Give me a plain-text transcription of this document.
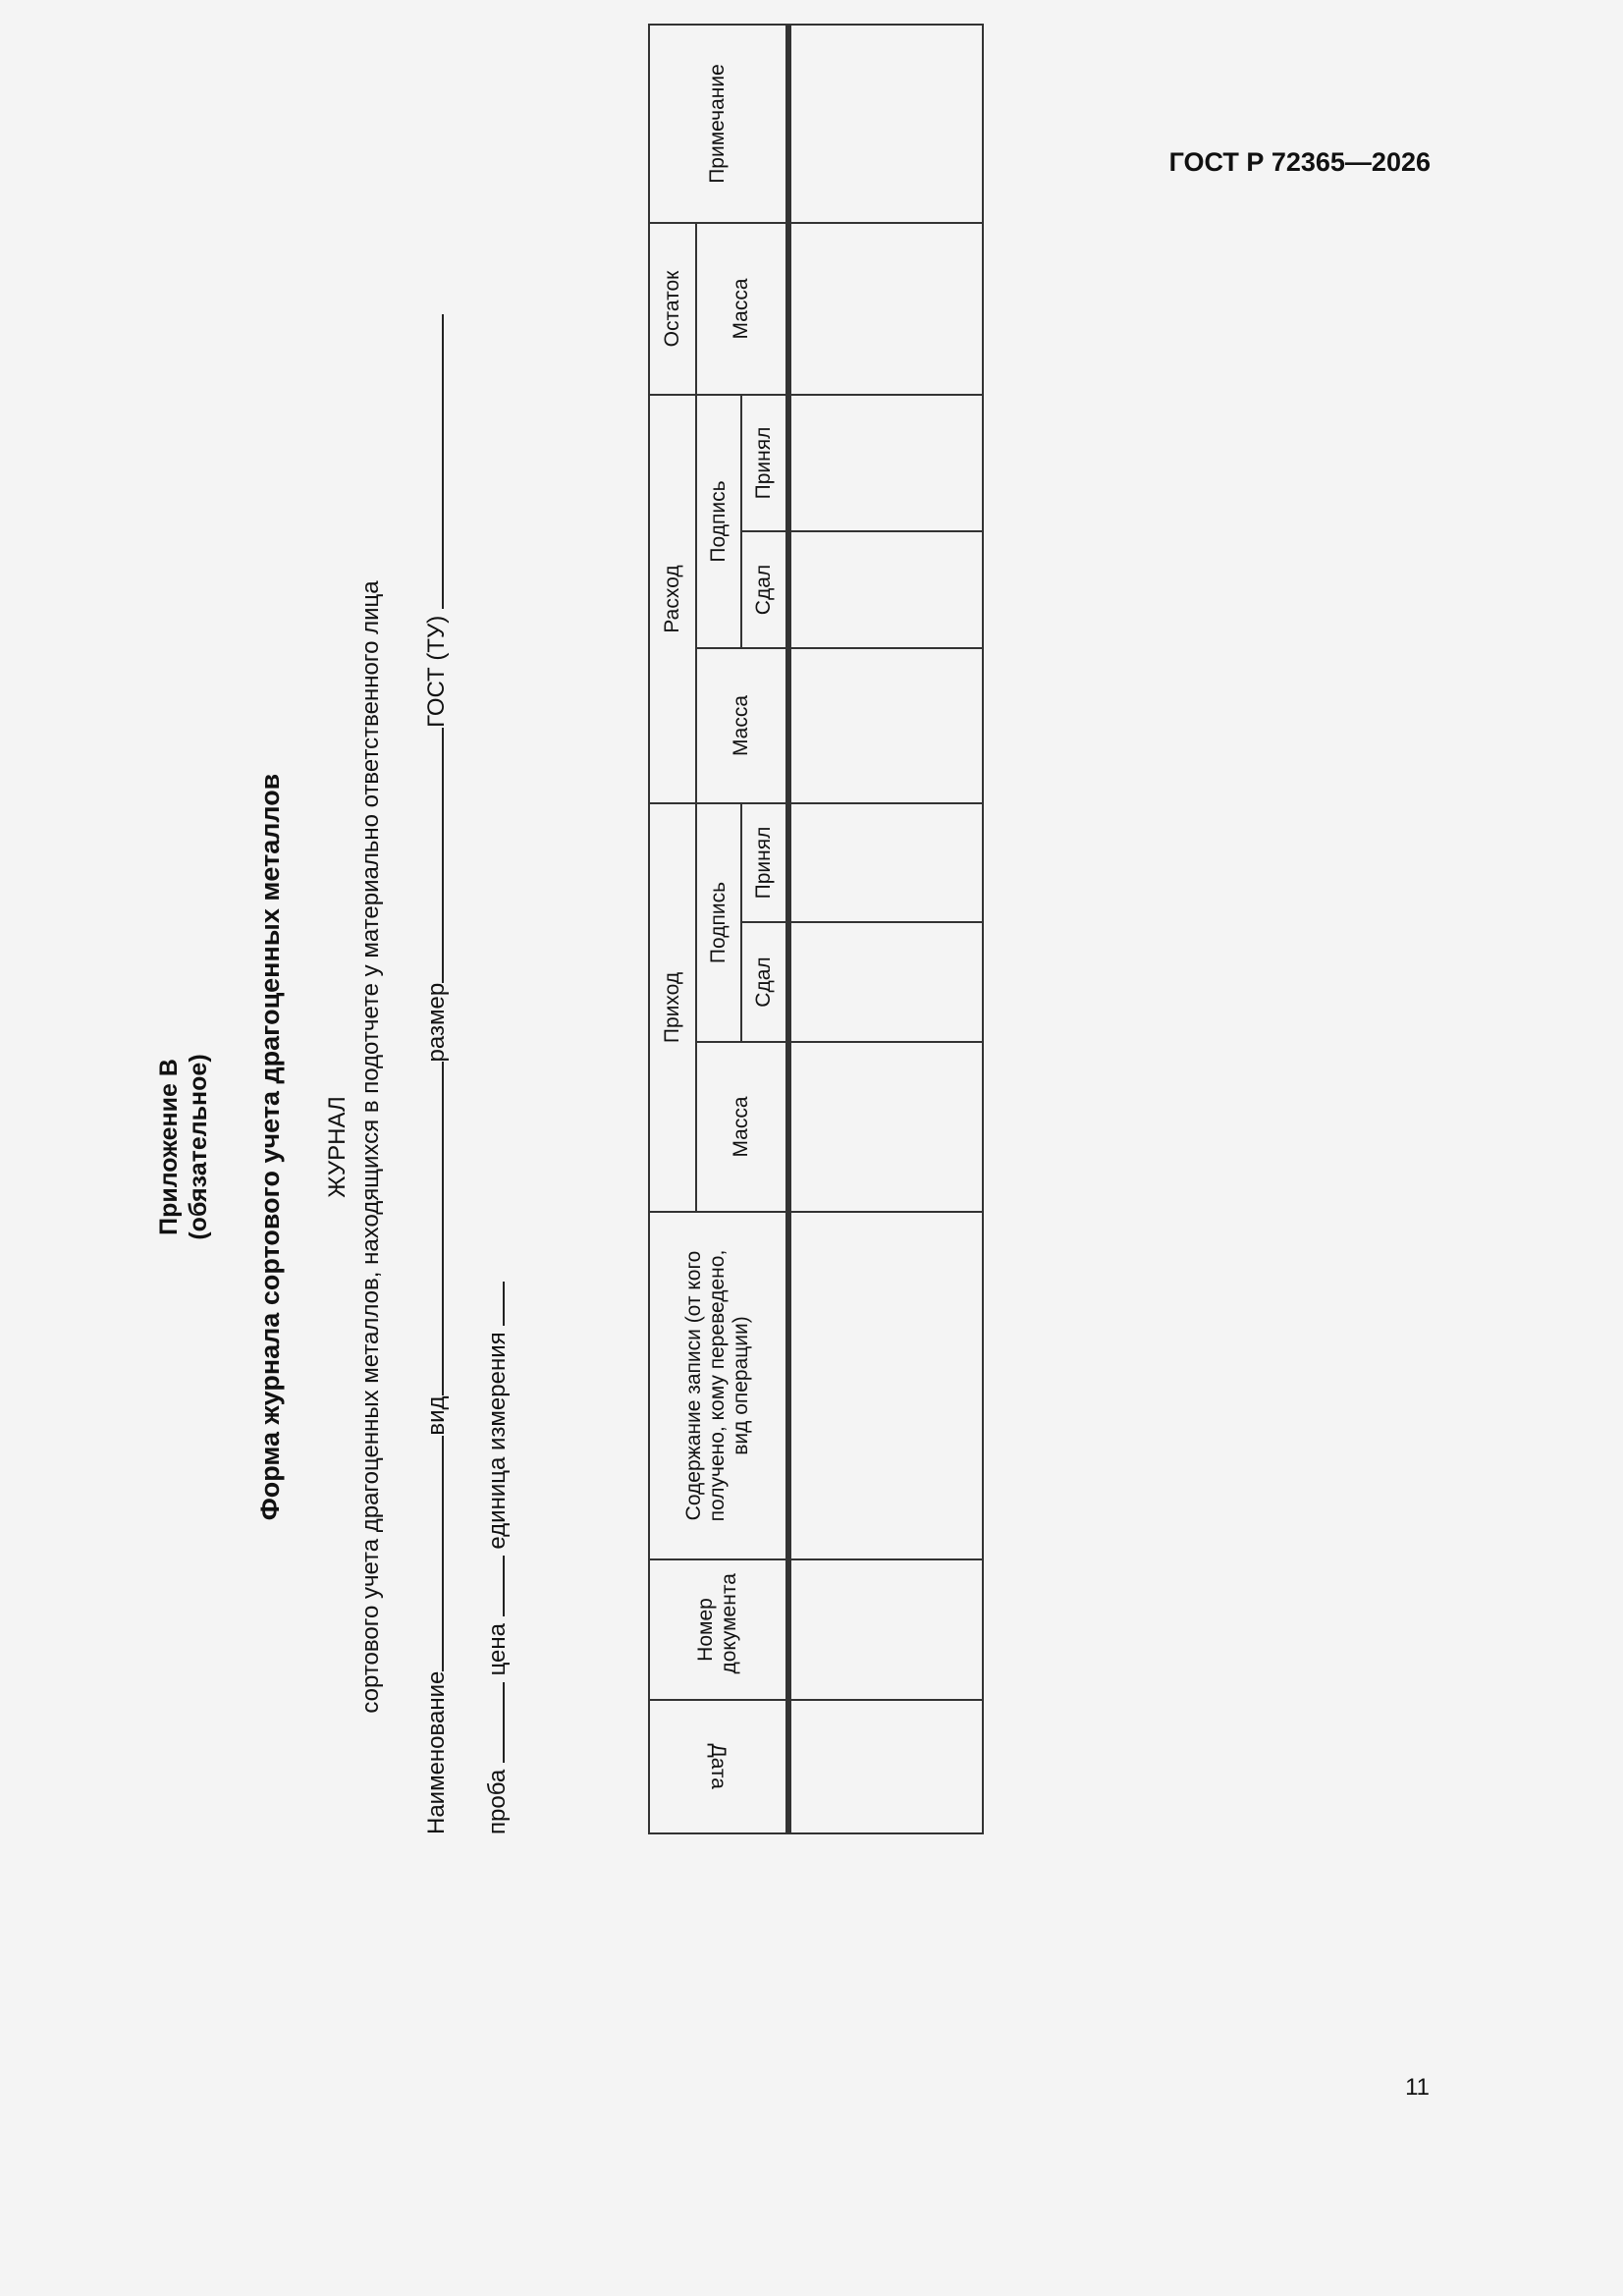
ГОСТ Р 72365—2026
Приложение В (обязательное) Форма журнала сортового учета драгоценных металлов ЖУРНАЛ сортового учета драгоценных металлов, находящихся в подотчете у материально ответственного лица
НаименованиевидразмерГОСТ (ТУ)
проба  цена  единица измерения
Дата
Номер документа
Содержание записи (от кого получено, кому переведено, вид операции)
Приход
Масса
Подпись
Сдал
Принял
Расход
Масса
Подпись
Сдал
Принял
Остаток	Масса
Примечание
11
